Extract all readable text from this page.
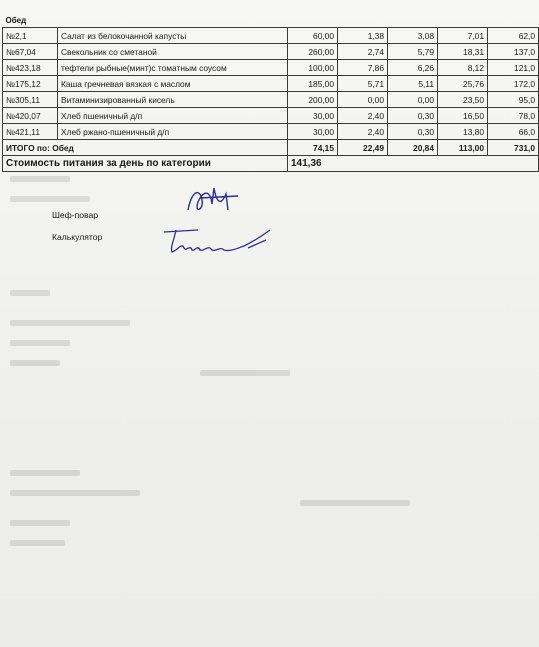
Обед						
№2,1	Салат из белокочанной капусты	60,00	1,38	3,08	7,01	62,0
№67,04	Свекольник со сметаной	260,00	2,74	5,79	18,31	137,0
№423,18	тефтели рыбные(минт)с томатным соусом	100,00	7,86	6,26	8,12	121,0
№175,12	Каша гречневая вязкая с маслом	185,00	5,71	5,11	25,76	172,0
№305,11	Витаминизированный кисель	200,00	0,00	0,00	23,50	95,0
№420,07	Хлеб пшеничный д/п	30,00	2,40	0,30	16,50	78,0
№421,11	Хлеб ржано-пшеничный д/п	30,00	2,40	0,30	13,80	66,0
ИТОГО по: Обед		74,15	22,49	20,84	113,00	731,0
Стоимость питания за день по категории		141,36				
Шеф-повар
Калькулятор
